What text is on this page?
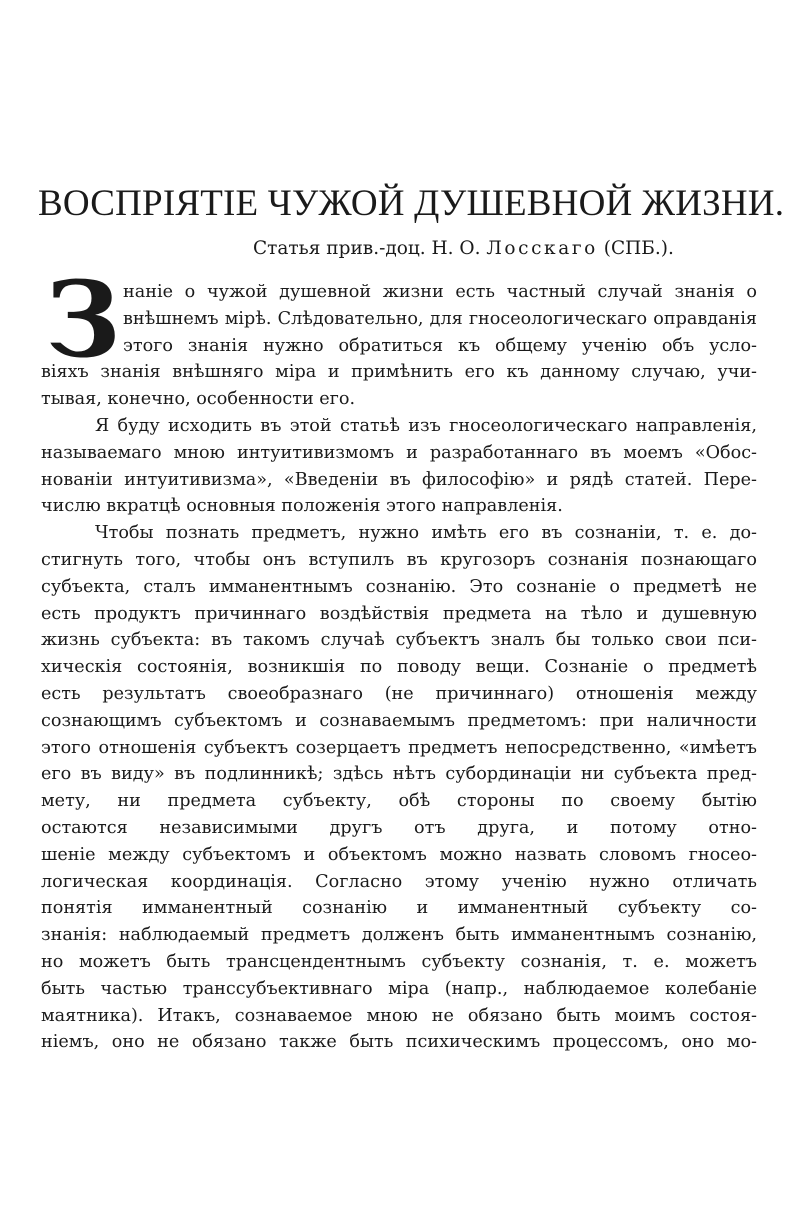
ВОСПРІЯТІЕ ЧУЖОЙ ДУШЕВНОЙ ЖИЗНИ.
Статья прив.-доц. Н. О. Лосскаго (СПБ.).
З наніе о чужой душевной жизни есть частный случай знанія о
внѣшнемъ мірѣ. Слѣдовательно, для гносеологическаго оправданія
этого знанія нужно обратиться къ общему ученію объ усло-
віяхъ знанія внѣшняго міра и примѣнить его къ данному случаю, учи-
тывая, конечно, особенности его.
Я буду исходить въ этой статьѣ изъ гносеологическаго направленія,
называемаго мною интуитивизмомъ и разработаннаго въ моемъ «Обос-
нованіи интуитивизма», «Введеніи въ философію» и рядѣ статей. Пере-
числю вкратцѣ основныя положенія этого направленія.
Чтобы познать предметъ, нужно имѣть его въ сознаніи, т. е. до-
стигнуть того, чтобы онъ вступилъ въ кругозоръ сознанія познающаго
субъекта, сталъ имманентнымъ сознанію. Это сознаніе о предметѣ не
есть продуктъ причиннаго воздѣйствія предмета на тѣло и душевную
жизнь субъекта: въ такомъ случаѣ субъектъ зналъ бы только свои пси-
хическія состоянія, возникшія по поводу вещи. Сознаніе о предметѣ
есть результатъ своеобразнаго (не причиннаго) отношенія между
сознающимъ субъектомъ и сознаваемымъ предметомъ: при наличности
этого отношенія субъектъ созерцаетъ предметъ непосредственно, «имѣетъ
его въ виду» въ подлинникѣ; здѣсь нѣтъ субординаціи ни субъекта пред-
мету, ни предмета субъекту, обѣ стороны по своему бытію
остаются независимыми другъ отъ друга, и потому отно-
шеніе между субъектомъ и объектомъ можно назвать словомъ гносео-
логическая координація. Согласно этому ученію нужно отличать
понятія имманентный сознанію и имманентный субъекту со-
знанія: наблюдаемый предметъ долженъ быть имманентнымъ сознанію,
но можетъ быть трансцендентнымъ субъекту сознанія, т. е. можетъ
быть частью транссубъективнаго міра (напр., наблюдаемое колебаніе
маятника). Итакъ, сознаваемое мною не обязано быть моимъ состоя-
ніемъ, оно не обязано также быть психическимъ процессомъ, оно мо-
